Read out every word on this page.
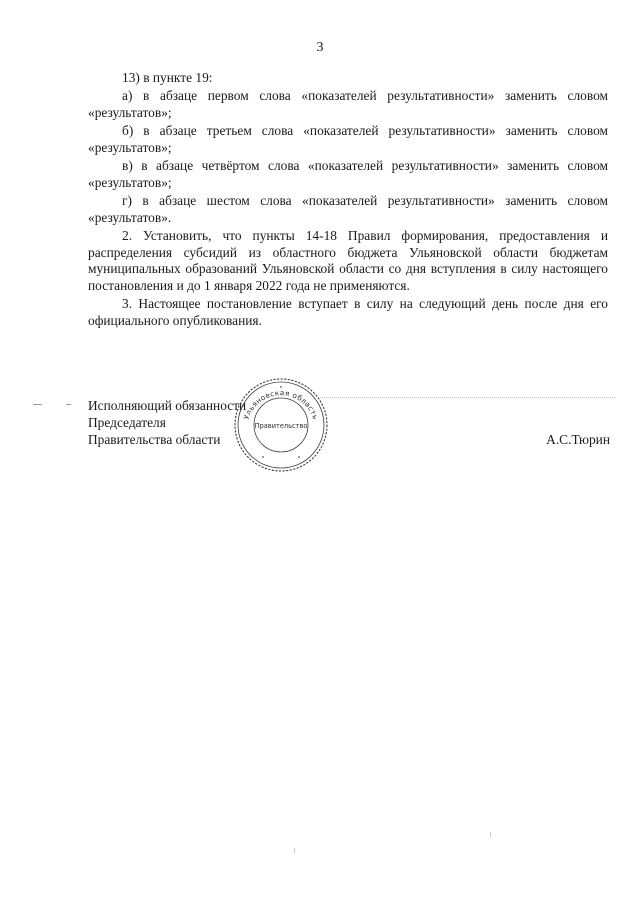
3

13) в пункте 19:

а) в абзаце первом слова «показателей результативности» заменить словом «результатов»;

б) в абзаце третьем слова «показателей результативности» заменить словом «результатов»;

в) в абзаце четвёртом слова «показателей результативности» заменить словом «результатов»;

г) в абзаце шестом слова «показателей результативности» заменить словом «результатов».

2. Установить, что пункты 14-18 Правил формирования, предоставления и распределения субсидий из областного бюджета Ульяновской области бюджетам муниципальных образований Ульяновской области со дня вступления в силу настоящего постановления и до 1 января 2022 года не применяются.

3. Настоящее постановление вступает в силу на следующий день после дня его официального опубликования.

Исполняющий обязанности
Председателя
Правительства области	А.С.Тюрин
Ульяновская область
Правительство
